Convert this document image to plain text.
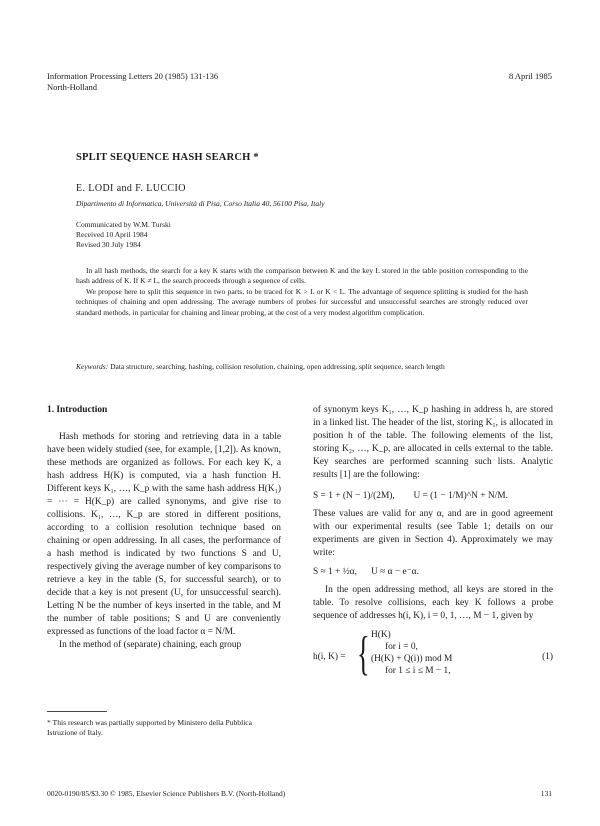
Information Processing Letters 20 (1985) 131-136
North-Holland
8 April 1985
SPLIT SEQUENCE HASH SEARCH *
E. LODI and F. LUCCIO
Dipartimento di Informatica, Università di Pisa, Corso Italia 40, 56100 Pisa, Italy
Communicated by W.M. Turski
Received 10 April 1984
Revised 30 July 1984

In all hash methods, the search for a key K starts with the comparison between K and the key L stored in the table position corresponding to the hash address of K. If K ≠ L, the search proceeds through a sequence of cells.

We propose here to split this sequence in two parts, to be traced for K > L or K < L. The advantage of sequence splitting is studied for the hash techniques of chaining and open addressing. The average numbers of probes for successful and unsuccessful searches are strongly reduced over standard methods, in particular for chaining and linear probing, at the cost of a very modest algorithm complication.

Keywords: Data structure, searching, hashing, collision resolution, chaining, open addressing, split sequence, search length
1. Introduction

Hash methods for storing and retrieving data in a table have been widely studied (see, for example, [1,2]). As known, these methods are organized as follows. For each key K, a hash address H(K) is computed, via a hash function H. Different keys K₁, …, K_p with the same hash address H(K₁) = ⋯ = H(K_p) are called synonyms, and give rise to collisions. K₁, …, K_p are stored in different positions, according to a collision resolution technique based on chaining or open addressing. In all cases, the performance of a hash method is indicated by two functions S and U, respectively giving the average number of key comparisons to retrieve a key in the table (S, for successful search), or to decide that a key is not present (U, for unsuccessful search). Letting N be the number of keys inserted in the table, and M the number of table positions; S and U are conveniently expressed as functions of the load factor α = N/M.

In the method of (separate) chaining, each group

* This research was partially supported by Ministero della Pubblica Istruzione of Italy.

of synonym keys K₁, …, K_p hashing in address h, are stored in a linked list. The header of the list, storing K₁, is allocated in position h of the table. The following elements of the list, storing K₂, …, K_p, are allocated in cells external to the table. Key searches are performed scanning such lists. Analytic results [1] are the following:

S = 1 + (N − 1)/(2M), U = (1 − 1/M)^N + N/M.

These values are valid for any α, and are in good agreement with our experimental results (see Table 1; details on our experiments are given in Section 4). Approximately we may write:

S ≈ 1 + ½α,      U ≈ α − e⁻α.

In the open addressing method, all keys are stored in the table. To resolve collisions, each key K follows a probe sequence of addresses h(i, K), i = 0, 1, …, M − 1, given by

h(i, K) = { H(K)
for i = 0,
(H(K) + Q(i)) mod M
for 1 ≤ i ≤ M − 1,
(1)
0020-0190/85/$3.30 © 1985, Elsevier Science Publishers B.V. (North-Holland)	131
